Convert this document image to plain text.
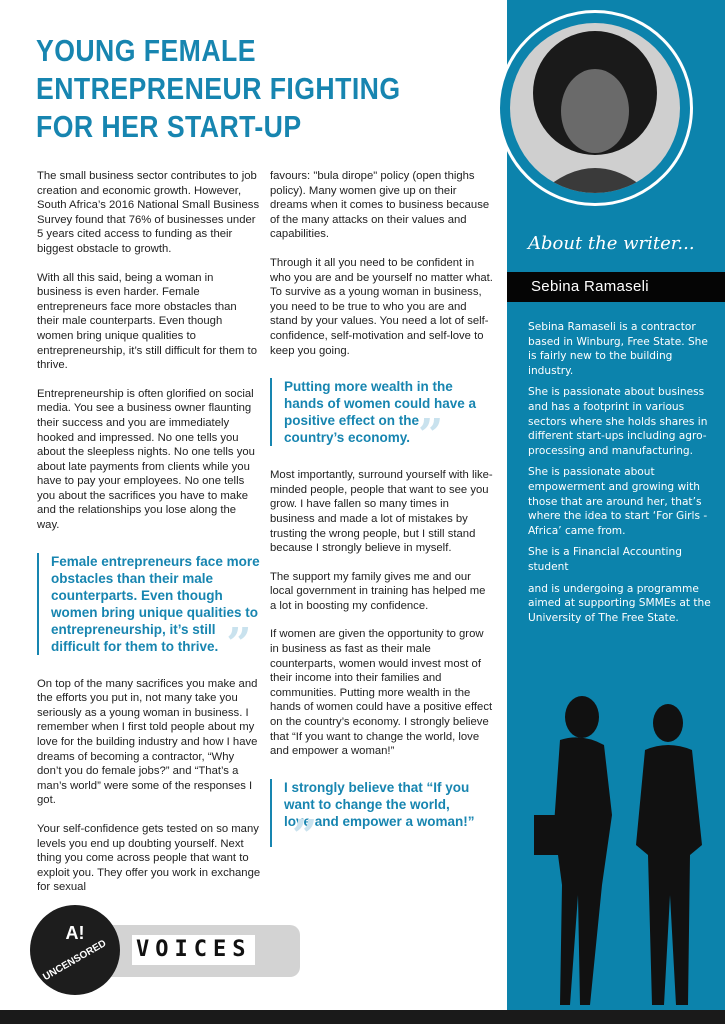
YOUNG FEMALE
ENTREPRENEUR FIGHTING
FOR HER START-UP
The small business sector contributes to job creation and economic growth. However, South Africa’s 2016 National Small Business Survey found that 76% of businesses under 5 years cited access to funding as their biggest obstacle to growth.
With all this said, being a woman in business is even harder. Female entrepreneurs face more obstacles than their male counterparts. Even though women bring unique qualities to entrepreneurship, it’s still difficult for them to thrive.
Entrepreneurship is often glorified on social media. You see a business owner flaunting their success and you are immediately hooked and impressed. No one tells you about the sleepless nights. No one tells you about late payments from clients while you have to pay your employees. No one tells you about the sacrifices you have to make and the relationships you lose along the way.
Female entrepreneurs face more obstacles than their male counterparts. Even though women bring unique qualities to entrepreneurship, it’s still difficult for them to thrive. ”
On top of the many sacrifices you make and the efforts you put in, not many take you seriously as a young woman in business. I remember when I first told people about my love for the building industry and how I have dreams of becoming a contractor, “Why don’t you do female jobs?” and “That’s a man’s world” were some of the responses I got.
Your self-confidence gets tested on so many levels you end up doubting yourself. Next thing you come across people that want to exploit you. They offer you work in exchange for sexual
favours: "bula dirope" policy (open thighs policy). Many women give up on their dreams when it comes to business because of the many attacks on their values and capabilities.
Through it all you need to be confident in who you are and be yourself no matter what. To survive as a young woman in business, you need to be true to who you are and stand by your values. You need a lot of self-confidence, self-motivation and self-love to keep you going.
Putting more wealth in the hands of women could have a positive effect on the country’s economy. ”
Most importantly, surround yourself with like-minded people, people that want to see you grow. I have fallen so many times in business and made a lot of mistakes by trusting the wrong people, but I still stand because I strongly believe in myself.
The support my family gives me and our local government in training has helped me a lot in boosting my confidence.
If women are given the opportunity to grow in business as fast as their male counterparts, women would invest most of their income into their families and communities. Putting more wealth in the hands of women could have a positive effect on the country’s economy. I strongly believe that “If you want to change the world, love and empower a woman!”
I strongly believe that “If you want to change the world, love and empower a woman!””
About the writer...
Sebina Ramaseli

Sebina Ramaseli is a contractor based in Winburg, Free State. She is fairly new to the building industry.

She is passionate about business and has a footprint in various sectors where she holds shares in different start-ups including agro-processing and manufacturing.

She is passionate about empowerment and growing with those that are around her, that’s where the idea to start ‘For Girls - Africa’ came from.

She is a Financial Accounting student

and is undergoing a programme aimed at supporting SMMEs at the University of The Free State.

A!
UNCENSORED	VOICES
